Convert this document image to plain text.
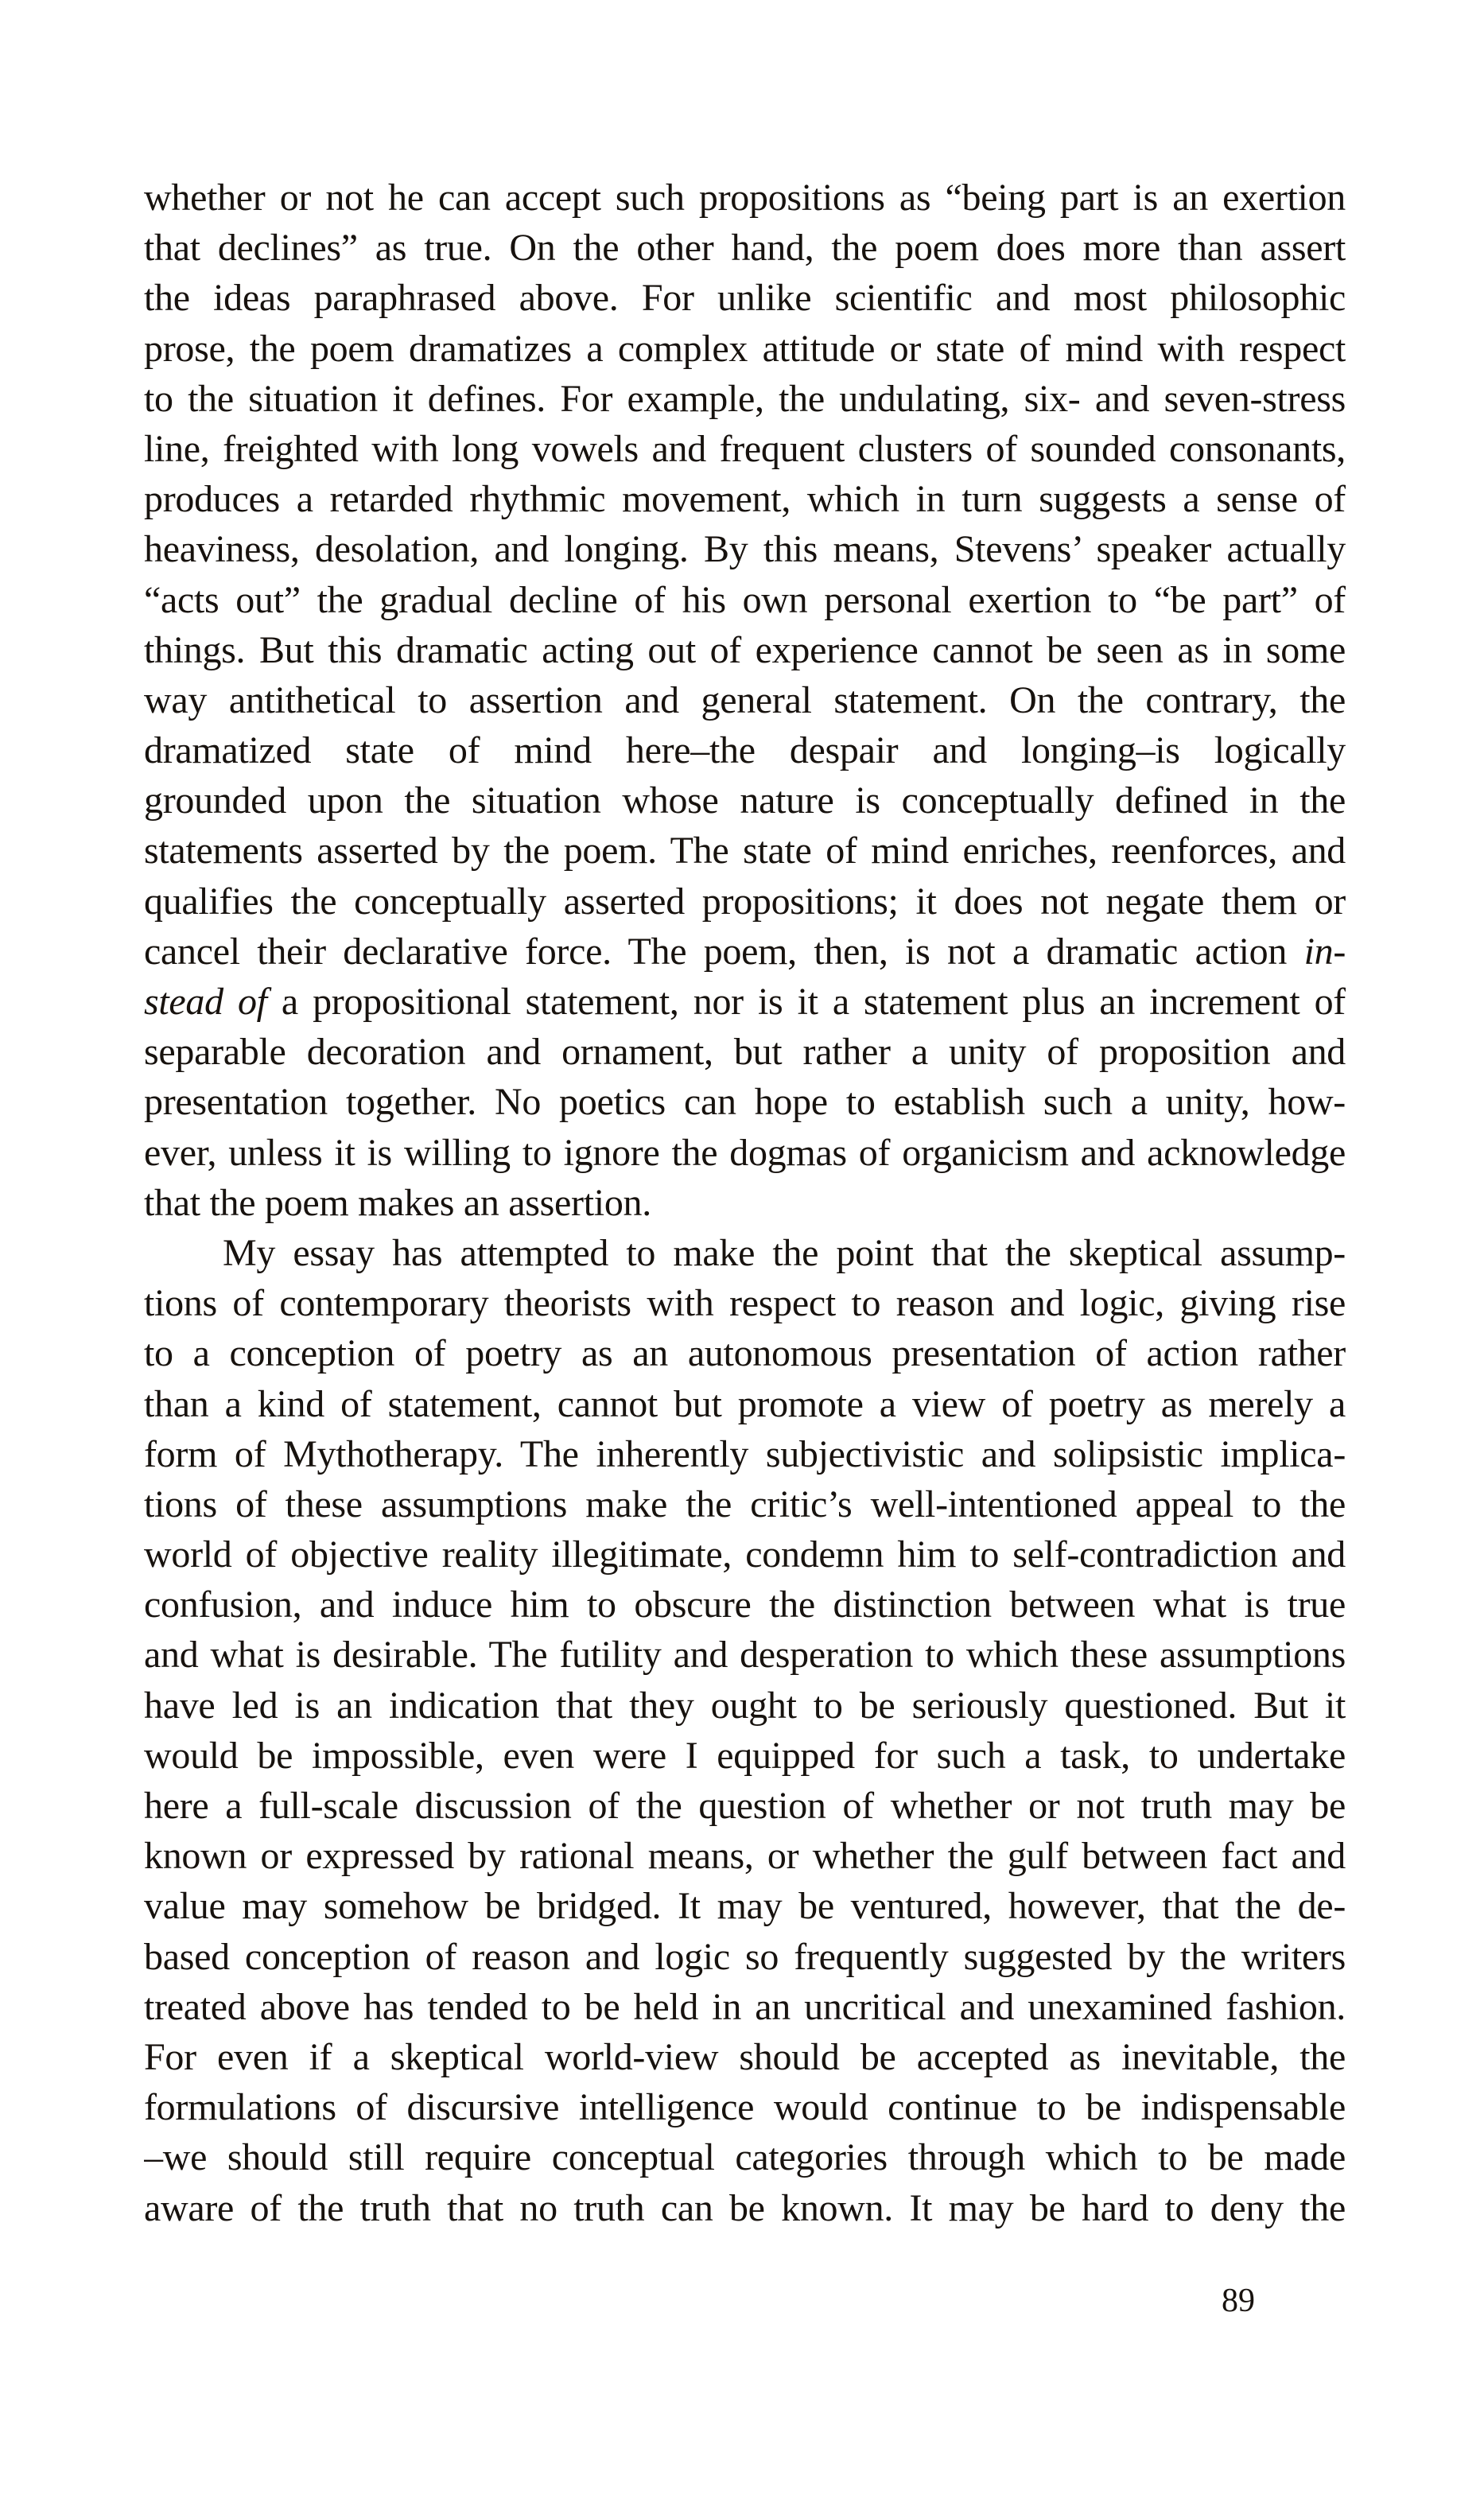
whether or not he can accept such propositions as “being part is an exertion
that declines” as true. On the other hand, the poem does more than assert
the ideas paraphrased above. For unlike scientific and most philosophic
prose, the poem dramatizes a complex attitude or state of mind with respect
to the situation it defines. For example, the undulating, six- and seven-stress
line, freighted with long vowels and frequent clusters of sounded consonants,
produces a retarded rhythmic movement, which in turn suggests a sense of
heaviness, desolation, and longing. By this means, Stevens’ speaker actually
“acts out” the gradual decline of his own personal exertion to “be part” of
things. But this dramatic acting out of experience cannot be seen as in some
way antithetical to assertion and general statement. On the contrary, the
dramatized state of mind here–the despair and longing–is logically
grounded upon the situation whose nature is conceptually defined in the
statements asserted by the poem. The state of mind enriches, reenforces, and
qualifies the conceptually asserted propositions; it does not negate them or
cancel their declarative force. The poem, then, is not a dramatic action in-
stead of a propositional statement, nor is it a statement plus an increment of
separable decoration and ornament, but rather a unity of proposition and
presentation together. No poetics can hope to establish such a unity, how-
ever, unless it is willing to ignore the dogmas of organicism and acknowledge
that the poem makes an assertion.
My essay has attempted to make the point that the skeptical assump-
tions of contemporary theorists with respect to reason and logic, giving rise
to a conception of poetry as an autonomous presentation of action rather
than a kind of statement, cannot but promote a view of poetry as merely a
form of Mythotherapy. The inherently subjectivistic and solipsistic implica-
tions of these assumptions make the critic’s well-intentioned appeal to the
world of objective reality illegitimate, condemn him to self-contradiction and
confusion, and induce him to obscure the distinction between what is true
and what is desirable. The futility and desperation to which these assumptions
have led is an indication that they ought to be seriously questioned. But it
would be impossible, even were I equipped for such a task, to undertake
here a full-scale discussion of the question of whether or not truth may be
known or expressed by rational means, or whether the gulf between fact and
value may somehow be bridged. It may be ventured, however, that the de-
based conception of reason and logic so frequently suggested by the writers
treated above has tended to be held in an uncritical and unexamined fashion.
For even if a skeptical world-view should be accepted as inevitable, the
formulations of discursive intelligence would continue to be indispensable
–we should still require conceptual categories through which to be made
aware of the truth that no truth can be known. It may be hard to deny the
89
